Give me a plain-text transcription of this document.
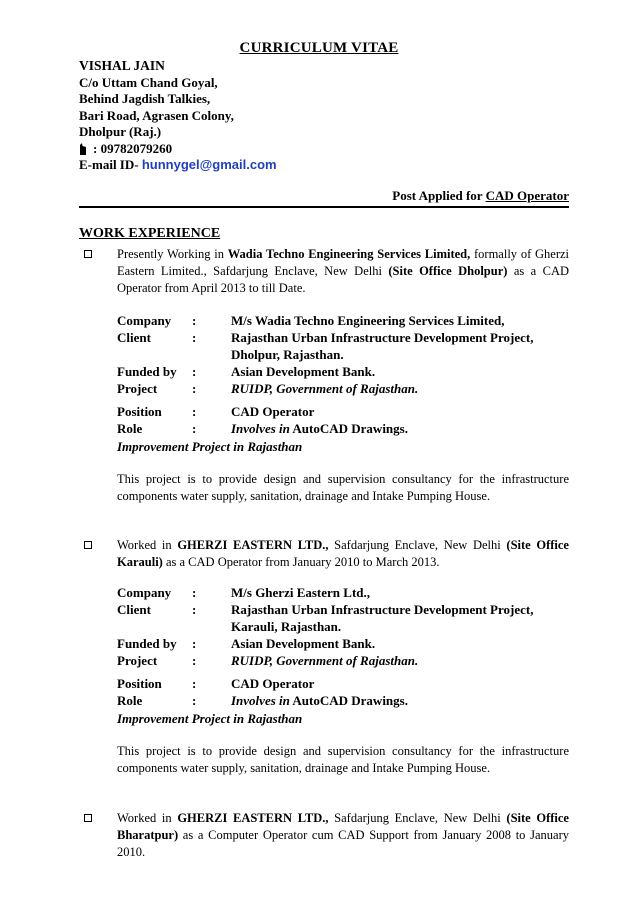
CURRICULUM VITAE
VISHAL JAIN
C/o Uttam Chand Goyal,
Behind Jagdish Talkies,
Bari Road, Agrasen Colony,
Dholpur (Raj.)
: 09782079260
E-mail ID- hunnygel@gmail.com
Post Applied for CAD Operator
WORK EXPERIENCE
Presently Working in Wadia Techno Engineering Services Limited, formally of Gherzi Eastern Limited., Safdarjung Enclave, New Delhi (Site Office Dholpur) as a CAD Operator from April 2013 to till Date.
Company :	M/s Wadia Techno Engineering Services Limited,
Client	:	Rajasthan Urban Infrastructure Development Project, Dholpur, Rajasthan.
Funded by :	Asian Development Bank.
Project	:	RUIDP, Government of Rajasthan.
Position :	CAD Operator
Role	:	Involves in AutoCAD Drawings.
Improvement Project in Rajasthan
This project is to provide design and supervision consultancy for the infrastructure components water supply, sanitation, drainage and Intake Pumping House.
Worked in GHERZI EASTERN LTD., Safdarjung Enclave, New Delhi (Site Office Karauli) as a CAD Operator from January 2010 to March 2013.
Company :	M/s Gherzi Eastern Ltd.,
Client	:	Rajasthan Urban Infrastructure Development Project, Karauli, Rajasthan.
Funded by :	Asian Development Bank.
Project	:	RUIDP, Government of Rajasthan.
Position :	CAD Operator
Role	:	Involves in AutoCAD Drawings.
Improvement Project in Rajasthan
This project is to provide design and supervision consultancy for the infrastructure components water supply, sanitation, drainage and Intake Pumping House.
Worked in GHERZI EASTERN LTD., Safdarjung Enclave, New Delhi (Site Office Bharatpur) as a Computer Operator cum CAD Support from January 2008 to January 2010.
